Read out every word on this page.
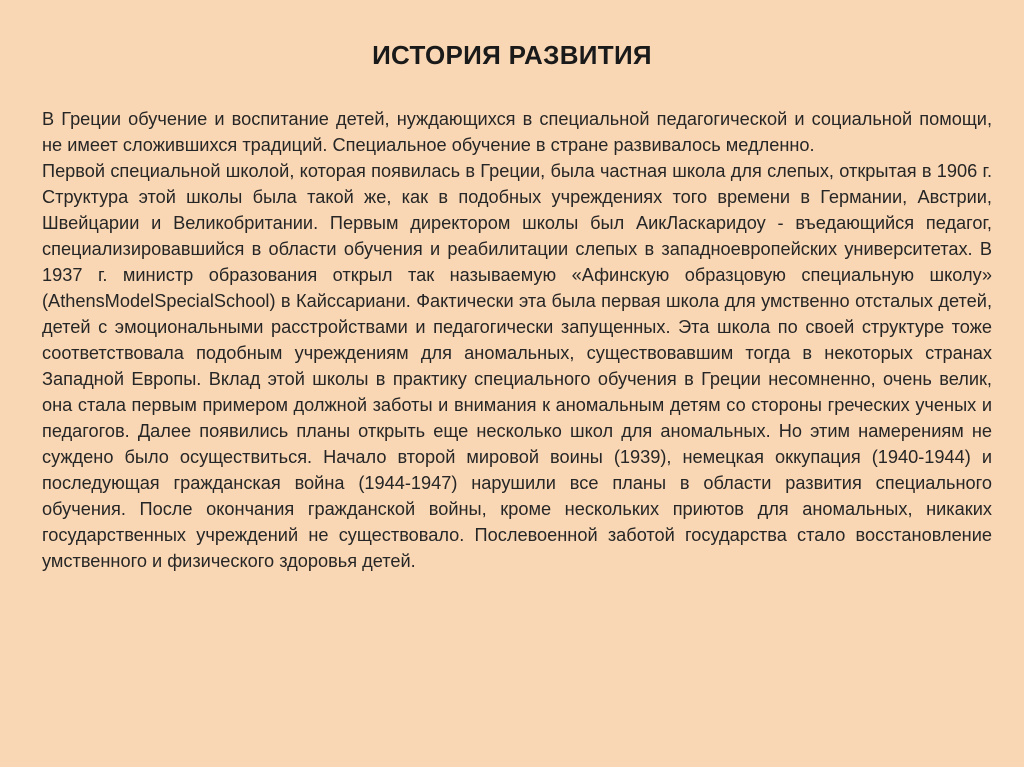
ИСТОРИЯ РАЗВИТИЯ

В Греции обучение и воспитание детей, нуждающихся в специальной педагогической и социальной помощи, не имеет сложившихся традиций. Специальное обучение в стране развивалось медленно.

Первой специальной школой, которая появилась в Греции, была частная школа для слепых, открытая в 1906 г. Структура этой школы была такой же, как в подобных учреждениях того времени в Германии, Австрии, Швейцарии и Великобритании. Первым директором школы был АикЛаскаридоу - въедающийся педагог, специализировавшийся в области обучения и реабилитации слепых в западноевропейских университетах. В 1937 г. министр образования открыл так называемую «Афинскую образцовую специальную школу» (AthensModelSpecialSchool) в Кайссариани. Фактически эта была первая школа для умственно отсталых детей, детей с эмоциональными расстройствами и педагогически запущенных. Эта школа по своей структуре тоже соответствовала подобным учреждениям для аномальных, существовавшим тогда в некоторых странах Западной Европы. Вклад этой школы в практику специального обучения в Греции несомненно, очень велик, она стала первым примером должной заботы и внимания к аномальным детям со стороны греческих ученых и педагогов. Далее появились планы открыть еще несколько школ для аномальных. Но этим намерениям не суждено было осуществиться. Начало второй мировой воины (1939), немецкая оккупация (1940-1944) и последующая гражданская война (1944-1947) нарушили все планы в области развития специального обучения. После окончания гражданской войны, кроме нескольких приютов для аномальных, никаких государственных учреждений не существовало. Послевоенной заботой государства стало восстановление умственного и физического здоровья детей.
